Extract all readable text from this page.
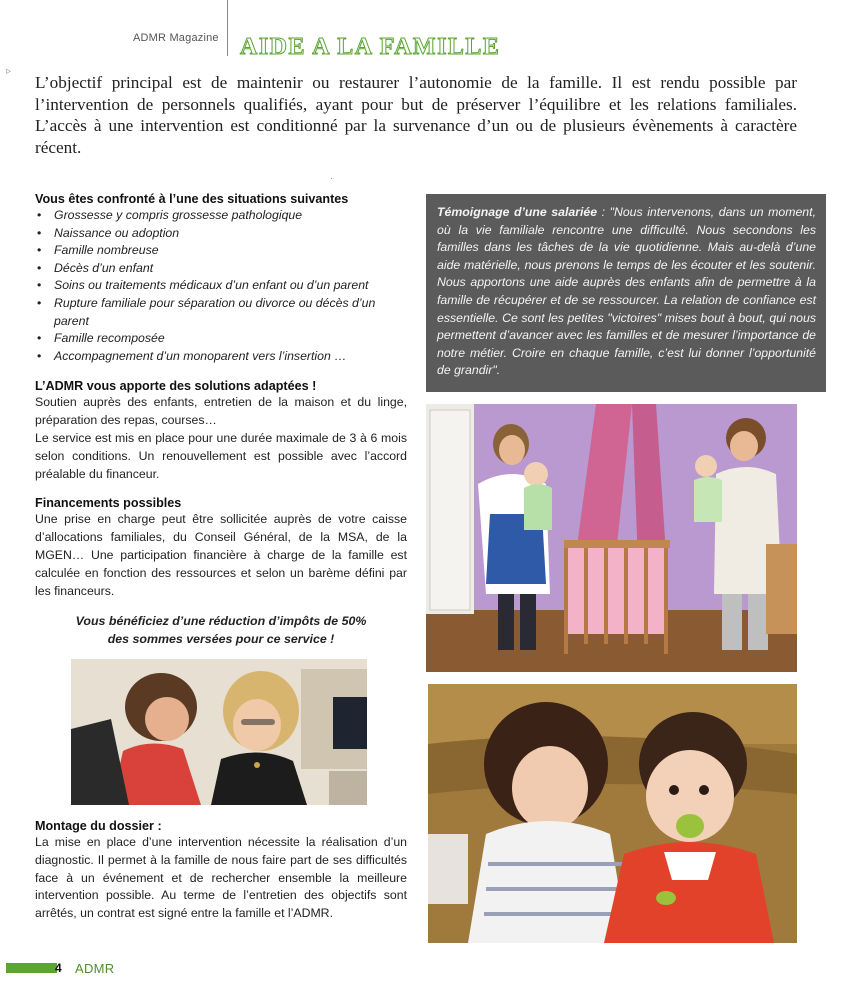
ADMR Magazine AIDE A LA FAMILLE
▹

L’objectif principal est de maintenir ou restaurer l’autonomie de la famille. Il est rendu possible par l’intervention de personnels qualifiés, ayant pour but de préserver l’équilibre et les relations familiales. L’accès à une intervention est conditionné par la survenance d’un ou de plusieurs évènements à caractère récent.

·
Vous êtes confronté à l’une des situations suivantes
• Grossesse y compris grossesse pathologique
• Naissance ou adoption
• Famille nombreuse
• Décès d’un enfant
• Soins ou traitements médicaux d’un enfant ou d’un parent
• Rupture familiale pour séparation ou divorce ou décès d’un parent
• Famille recomposée
• Accompagnement d’un monoparent vers l’insertion …
L’ADMR vous apporte des solutions adaptées !

Soutien auprès des enfants, entretien de la maison et du linge, préparation des repas, courses…

Le service est mis en place pour une durée maximale de 3 à 6 mois selon conditions. Un renouvellement est possible avec l’accord préalable du financeur.

Financements possibles

Une prise en charge peut être sollicitée auprès de votre caisse d’allocations familiales, du Conseil Général, de la MSA, de la MGEN… Une participation financière à charge de la famille est calculée en fonction des ressources et selon un barème défini par les financeurs.

Vous bénéficiez d’une réduction d’impôts de 50%
des sommes versées pour ce service !
Montage du dossier :

La mise en place d’une intervention nécessite la réalisation d’un diagnostic. Il permet à la famille de nous faire part de ses difficultés face à un événement et de rechercher ensemble la meilleure intervention possible. Au terme de l’entretien des objectifs sont arrêtés, un contrat est signé entre la famille et l’ADMR.

Témoignage d’une salariée : "Nous intervenons, dans un moment, où la vie familiale rencontre une difficulté. Nous secondons les familles dans les tâches de la vie quotidienne. Mais au-delà d’une aide matérielle, nous prenons le temps de les écouter et les soutenir. Nous apportons une aide auprès des enfants afin de permettre à la famille de récupérer et de se ressourcer. La relation de confiance est essentielle. Ce sont les petites "victoires" mises bout à bout, qui nous permettent d’avancer avec les familles et de mesurer l’importance de notre métier. Croire en chaque famille, c’est lui donner l’opportunité de grandir".
4 ADMR
